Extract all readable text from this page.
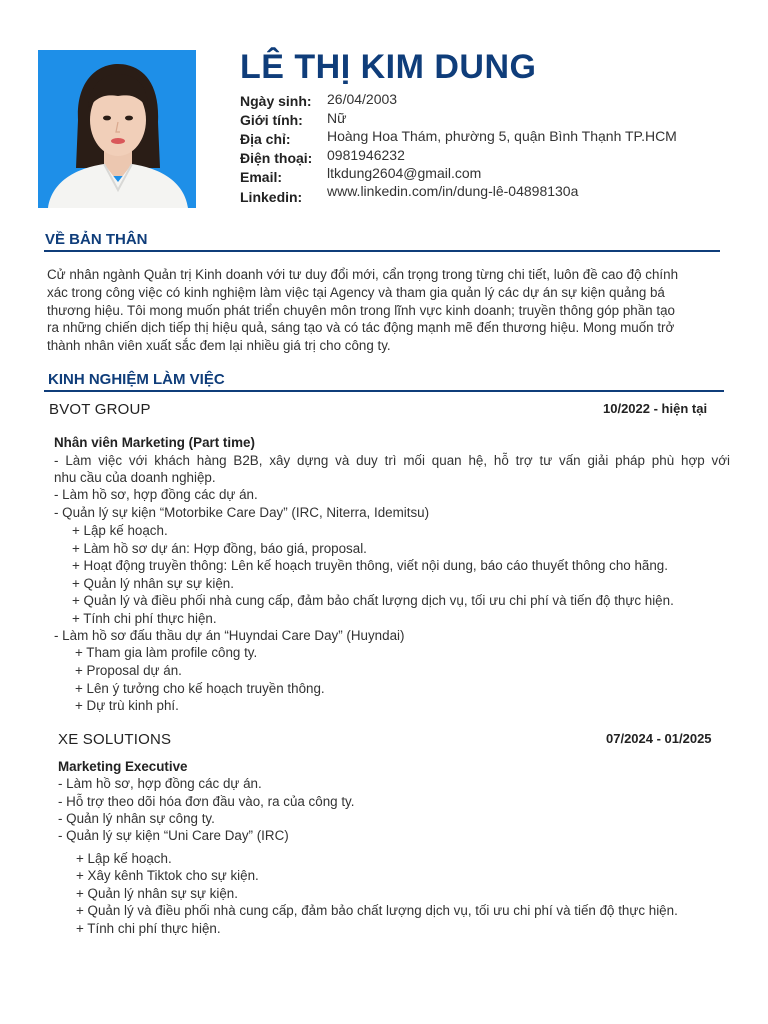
LÊ THỊ KIM DUNG
Ngày sinh: 26/04/2003
Giới tính: Nữ
Địa chỉ:	Hoàng Hoa Thám, phường 5, quận Bình Thạnh TP.HCM
Điện thoại: 0981946232
Email:	ltkdung2604@gmail.com
Linkedin: www.linkedin.com/in/dung-lê-04898130a
VỀ BẢN THÂN
Cử nhân ngành Quản trị Kinh doanh với tư duy đổi mới, cẩn trọng trong từng chi tiết, luôn đề cao độ chính
xác trong công việc có kinh nghiệm làm việc tại Agency và tham gia quản lý các dự án sự kiện quảng bá
thương hiệu. Tôi mong muốn phát triển chuyên môn trong lĩnh vực kinh doanh; truyền thông góp phần tạo
ra những chiến dịch tiếp thị hiệu quả, sáng tạo và có tác động mạnh mẽ đến thương hiệu. Mong muốn trở
thành nhân viên xuất sắc đem lại nhiều giá trị cho công ty.
KINH NGHIỆM LÀM VIỆC
BVOT GROUP	10/2022 - hiện tại
Nhân viên Marketing (Part time)
- Làm việc với khách hàng B2B, xây dựng và duy trì mối quan hệ, hỗ trợ tư vấn giải pháp phù hợp với
nhu cầu của doanh nghiệp.
- Làm hồ sơ, hợp đồng các dự án.
- Quản lý sự kiện “Motorbike Care Day” (IRC, Niterra, Idemitsu)
+ Lập kế hoạch.
+ Làm hồ sơ dự án: Hợp đồng, báo giá, proposal.
+ Hoạt động truyền thông: Lên kế hoạch truyền thông, viết nội dung, báo cáo thuyết thông cho hãng.
+ Quản lý nhân sự sự kiện.
+ Quản lý và điều phối nhà cung cấp, đảm bảo chất lượng dịch vụ, tối ưu chi phí và tiến độ thực hiện.
+ Tính chi phí thực hiện.
- Làm hồ sơ đấu thầu dự án “Huyndai Care Day” (Huyndai)
+ Tham gia làm profile công ty.
+ Proposal dự án.
+ Lên ý tưởng cho kế hoạch truyền thông.
+ Dự trù kinh phí.
XE SOLUTIONS	07/2024 - 01/2025
Marketing Executive
- Làm hồ sơ, hợp đồng các dự án.
- Hỗ trợ theo dõi hóa đơn đầu vào, ra của công ty.
- Quản lý nhân sự công ty.
- Quản lý sự kiện “Uni Care Day” (IRC)
+ Lập kế hoạch.
+ Xây kênh Tiktok cho sự kiện.
+ Quản lý nhân sự sự kiện.
+ Quản lý và điều phối nhà cung cấp, đảm bảo chất lượng dịch vụ, tối ưu chi phí và tiến độ thực hiện.
+ Tính chi phí thực hiện.
